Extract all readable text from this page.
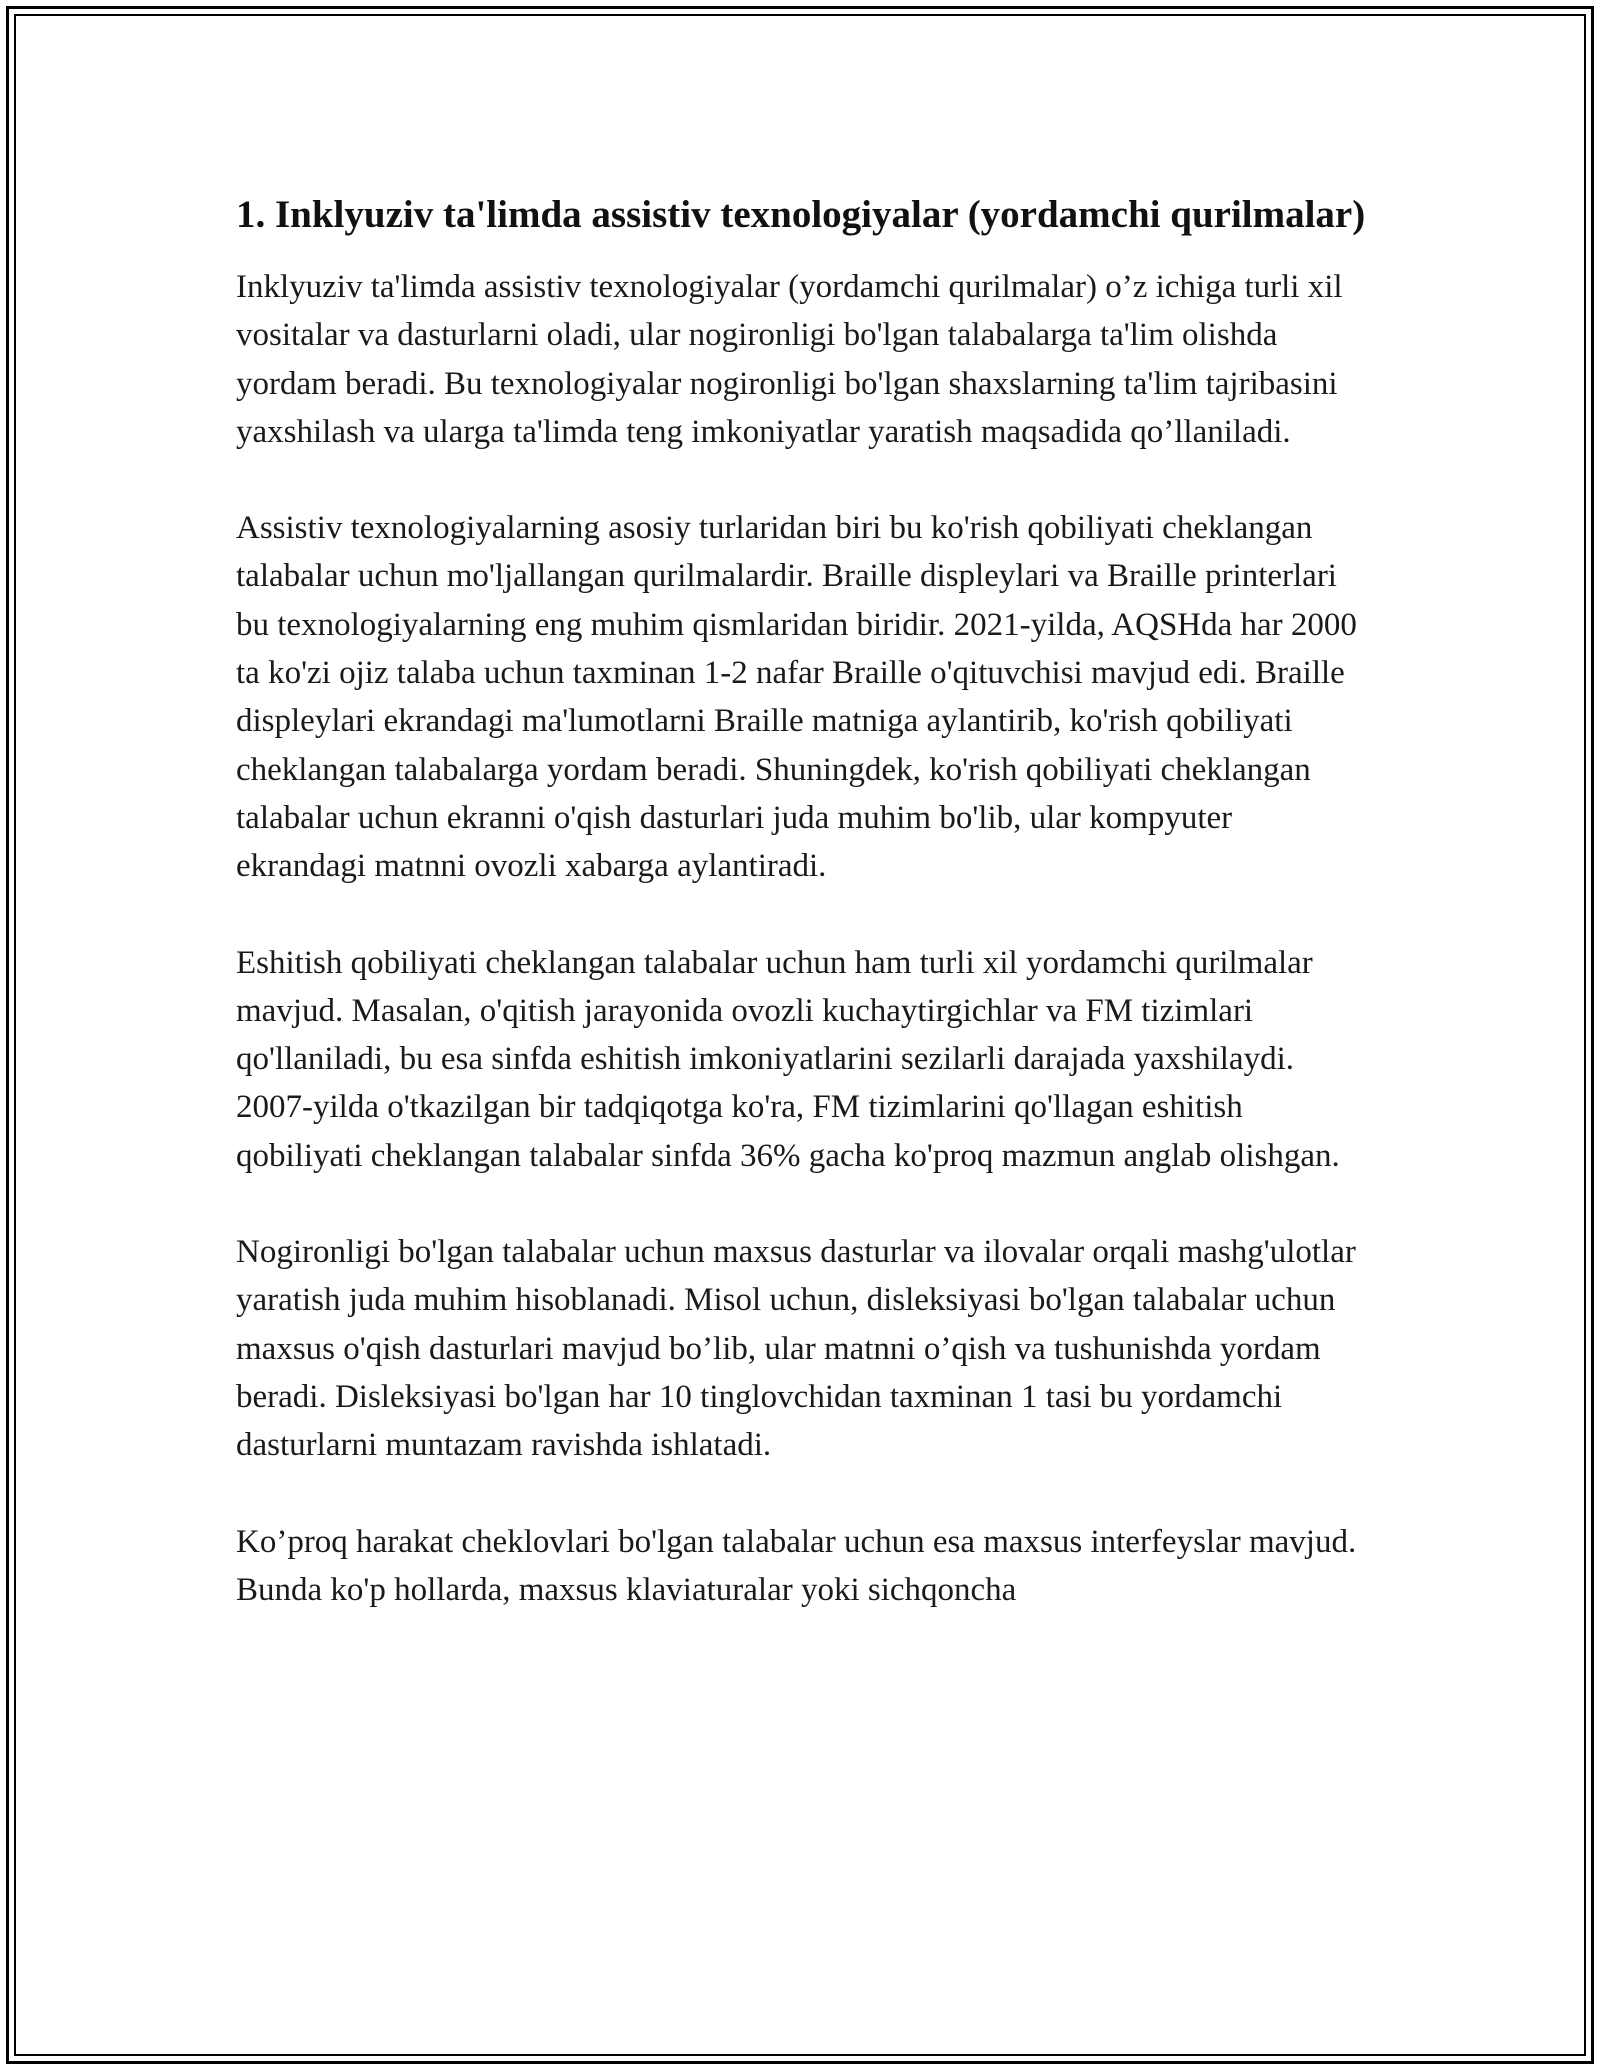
1. Inklyuziv ta'limda assistiv texnologiyalar (yordamchi qurilmalar)

Inklyuziv ta'limda assistiv texnologiyalar (yordamchi qurilmalar) o’z ichiga turli xil vositalar va dasturlarni oladi, ular nogironligi bo'lgan talabalarga ta'lim olishda yordam beradi. Bu texnologiyalar nogironligi bo'lgan shaxslarning ta'lim tajribasini yaxshilash va ularga ta'limda teng imkoniyatlar yaratish maqsadida qo’llaniladi.

Assistiv texnologiyalarning asosiy turlaridan biri bu ko'rish qobiliyati cheklangan talabalar uchun mo'ljallangan qurilmalardir. Braille displeylari va Braille printerlari bu texnologiyalarning eng muhim qismlaridan biridir. 2021-yilda, AQSHda har 2000 ta ko'zi ojiz talaba uchun taxminan 1-2 nafar Braille o'qituvchisi mavjud edi. Braille displeylari ekrandagi ma'lumotlarni Braille matniga aylantirib, ko'rish qobiliyati cheklangan talabalarga yordam beradi. Shuningdek, ko'rish qobiliyati cheklangan talabalar uchun ekranni o'qish dasturlari juda muhim bo'lib, ular kompyuter ekrandagi matnni ovozli xabarga aylantiradi.

Eshitish qobiliyati cheklangan talabalar uchun ham turli xil yordamchi qurilmalar mavjud. Masalan, o'qitish jarayonida ovozli kuchaytirgichlar va FM tizimlari qo'llaniladi, bu esa sinfda eshitish imkoniyatlarini sezilarli darajada yaxshilaydi. 2007-yilda o'tkazilgan bir tadqiqotga ko'ra, FM tizimlarini qo'llagan eshitish qobiliyati cheklangan talabalar sinfda 36% gacha ko'proq mazmun anglab olishgan.

Nogironligi bo'lgan talabalar uchun maxsus dasturlar va ilovalar orqali mashg'ulotlar yaratish juda muhim hisoblanadi. Misol uchun, disleksiyasi bo'lgan talabalar uchun maxsus o'qish dasturlari mavjud bo’lib, ular matnni o’qish va tushunishda yordam beradi. Disleksiyasi bo'lgan har 10 tinglovchidan taxminan 1 tasi bu yordamchi dasturlarni muntazam ravishda ishlatadi.

Ko’proq harakat cheklovlari bo'lgan talabalar uchun esa maxsus interfeyslar mavjud. Bunda ko'p hollarda, maxsus klaviaturalar yoki sichqoncha
